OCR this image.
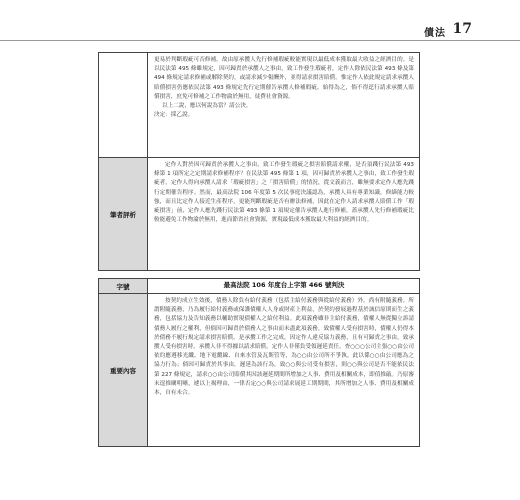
債法 17

更易於判斷瑕疵可否修補，故由原承攬人先行修補瑕疵較能實現以最低成本獲取最大收益之經濟目的。是以民法第 495 條雖規定，因可歸責於承攬人之事由，致工作發生瑕疵者，定作人除依民法第 493 條及第 494 條規定請求修補或解除契約，或請求減少報酬外，並得請求損害賠償。惟定作人依此規定請求承攬人賠償損害仍應依民法第 493 條規定先行定期催告承攬人修補瑕疵，始得為之，倘不得逕行請求承攬人賠償損害，庶免可修補之工作物淪於無用，徒費社會資源。

以上二說，應以何說為當？請公決。

決定：採乙說。

筆者評析

定作人對於因可歸責於承攬人之事由，致工作發生瑕疵之損害賠償請求權，是否須踐行民法第 493 條第 1 項所定之定期請求修補程序？在民法第 495 條第 1 項，因可歸責於承攬人之事由，致工作發生瑕疵者，定作人得向承攬人請求「瑕疵損害」之「損害賠償」的情況，從文義而言，雖無要求定作人應先踐行定期催告程序。然而，最高法院 106 年度第 5 次民事庭決議認為，承攬人具有專業知識，修繕能力較強，而且比定作人接近生產程序，更能判斷瑕疵是否有辦法修補，因此在定作人請求承攬人賠償工作「瑕疵損害」前，定作人應先踐行民法第 493 條第 1 項規定催告承攬人進行修補，蓋承攬人先行修補瑕疵比較能避免工作物淪於無用，進而節省社會資源，實現最低成本獲取最大利益的經濟目的。

字號	最高法院 106 年度台上字第 466 號判決
重要內容

按契約成立生效後，債務人除負有給付義務（包括主給付義務與從給付義務）外，尚有附隨義務。所謂附隨義務，乃為履行給付義務或保護債權人人身或財產上利益，於契約發展過程基於誠信原則而生之義務，包括協力及告知義務以輔助實現債權人之給付利益。此項義務雖非主給付義務，債權人無從獨立訴請債務人履行之權利，但倘因可歸責於債務人之事由而未盡此項義務，致債權人受有損害時，債權人仍得本於債務不履行規定請求損害賠償。是承攬工作之完成，因定作人違反協力義務，且有可歸責之事由，致承攬人受有損害時，承攬人非不得據以請求賠償。定作人非僅負受領遲延責任。查○○○公司主張○○由公司依約應遵移光纖、地下電纜線、自來水管及瓦斯管等，為○○由公司所不爭執，此以係○○由公司應為之協力行為；倘因可歸責於其事由，遲延為該行為，致○○與公司受有損害，則○○與公司是否不能依民法第 227 條規定，請求○○由公司賠償其因該遲延期間所增加之人事、費用及相關成本，即值推敲。乃原審未遑推闡明晰，遽以上揭理由，一律否定○○與公司請求展延工期期間，其所增加之人事、費用及相關成本，自有未合。
